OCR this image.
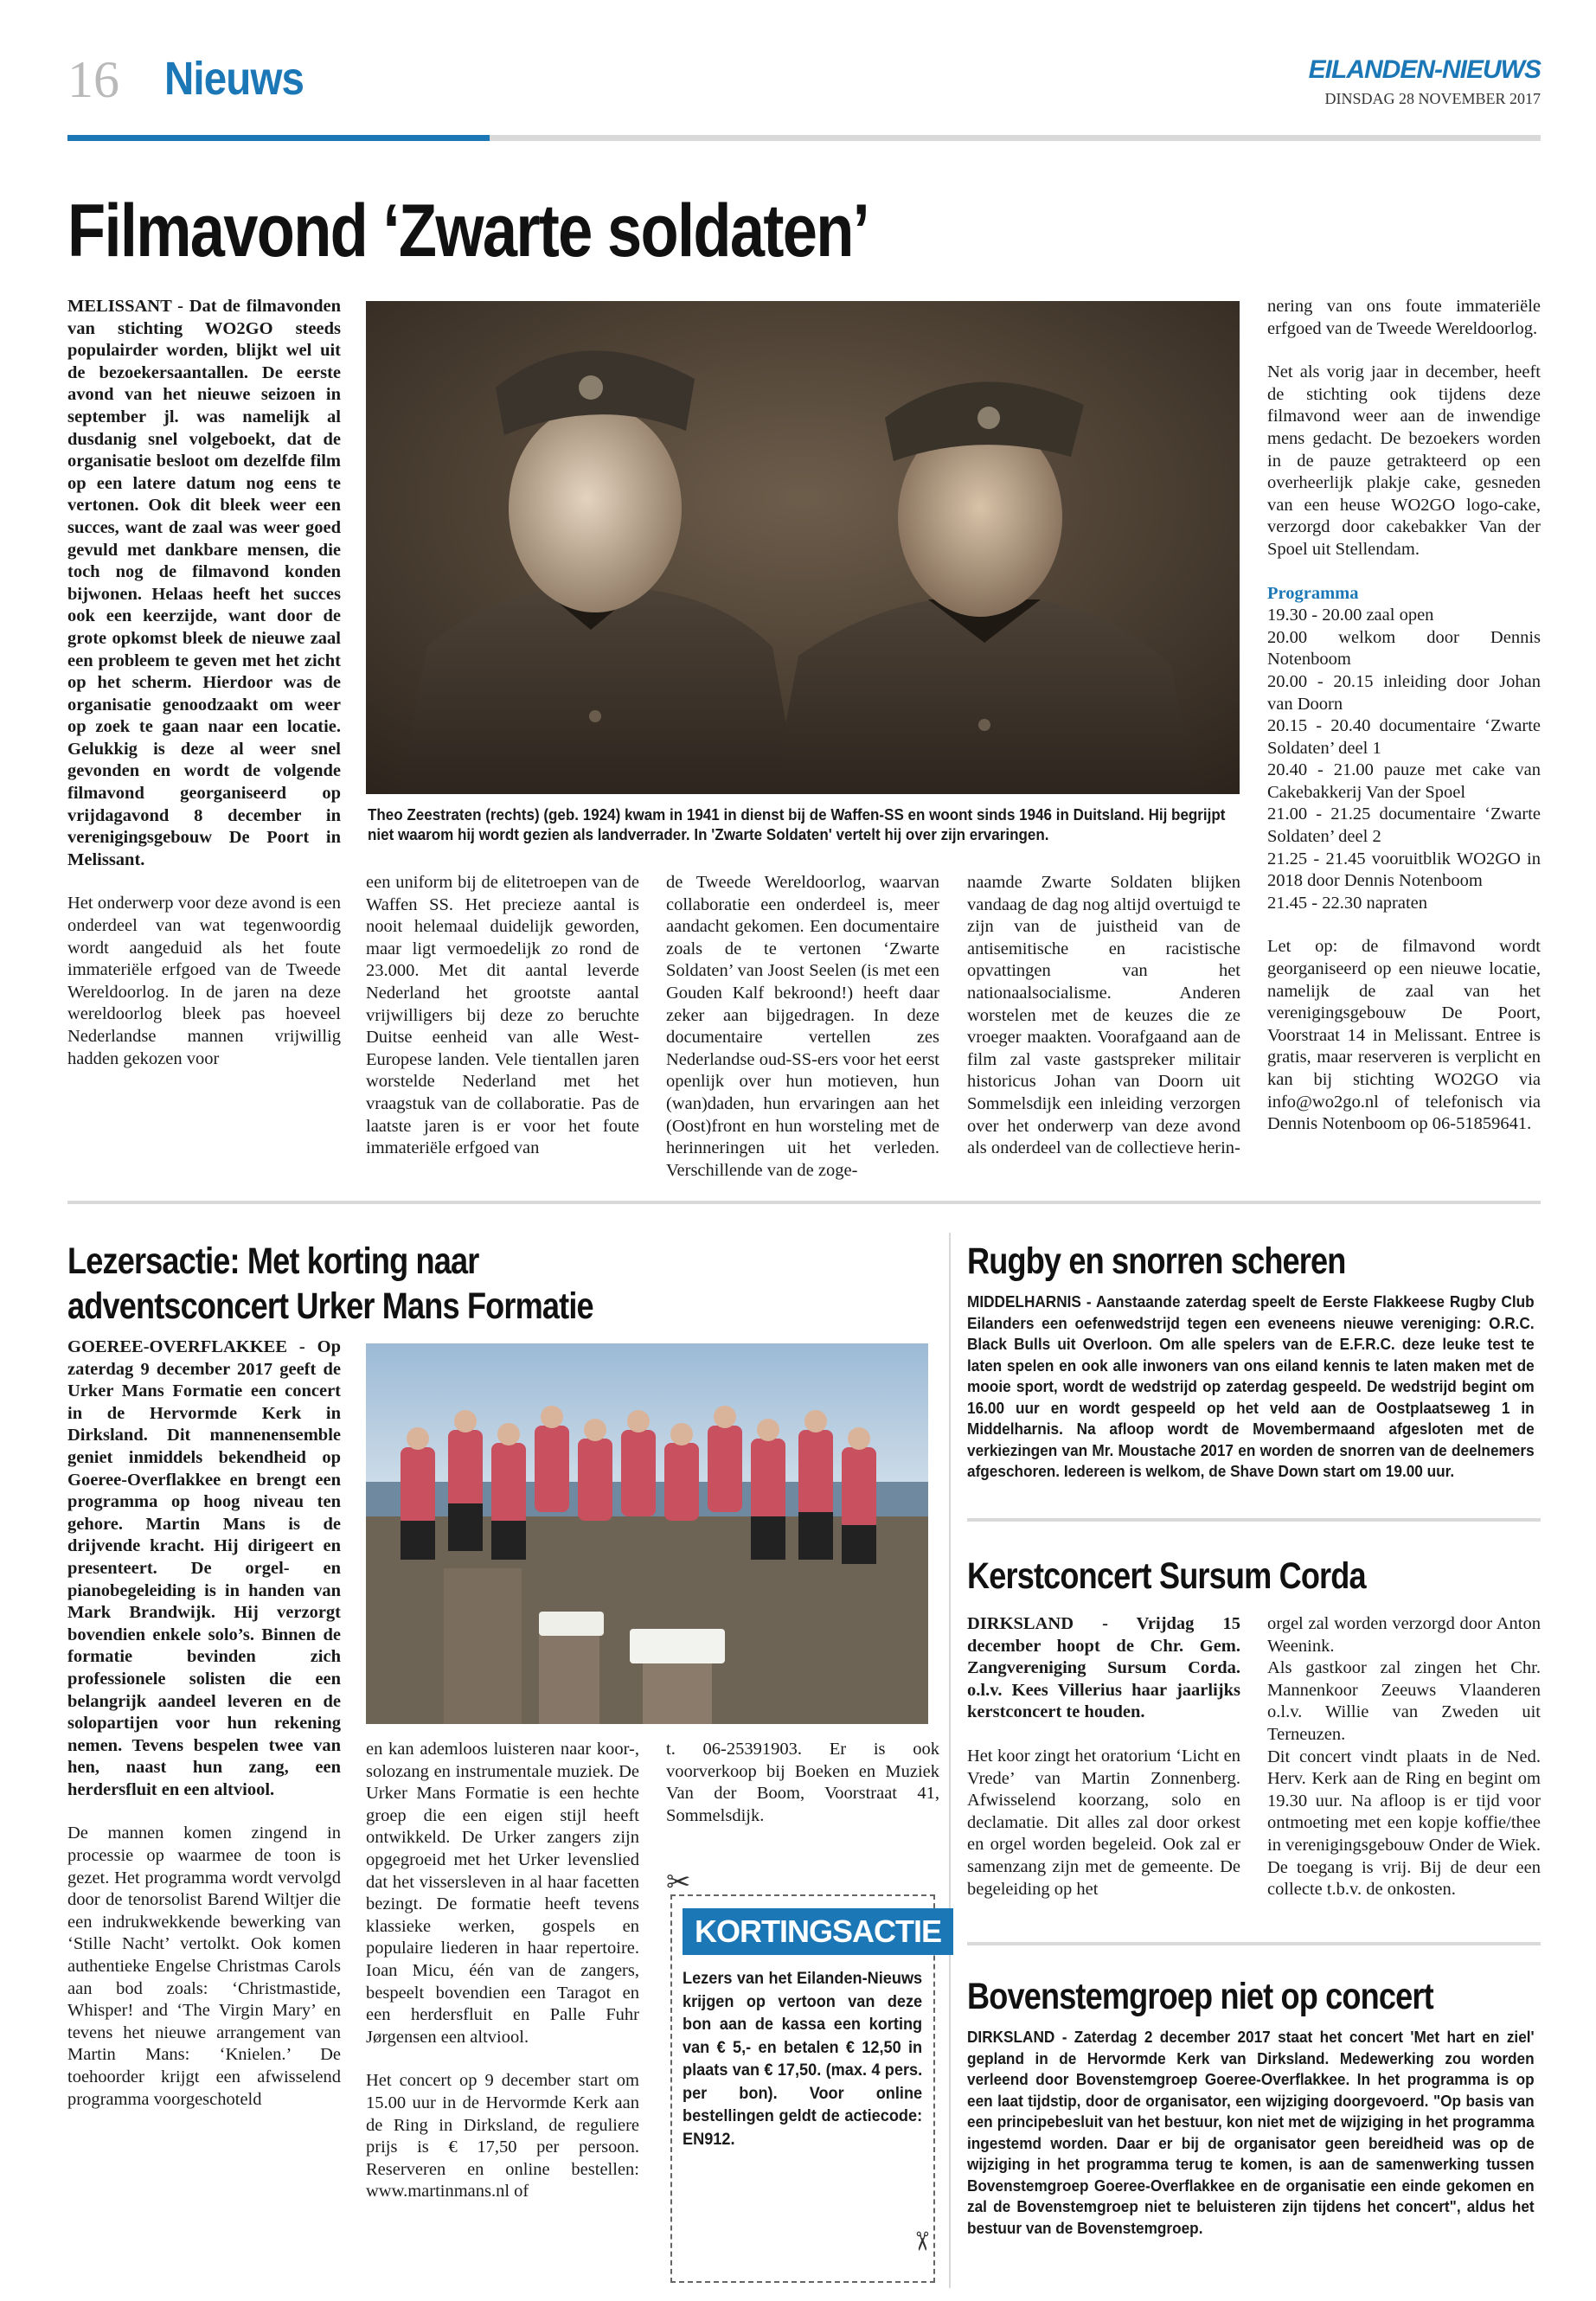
16 Nieuws	EILANDEN-NIEUWS
DINSDAG 28 NOVEMBER 2017
Filmavond ‘Zwarte soldaten’

MELISSANT - Dat de filmavonden van stichting WO2GO steeds populairder worden, blijkt wel uit de bezoekersaantallen. De eerste avond van het nieuwe seizoen in september jl. was namelijk al dusdanig snel volgeboekt, dat de organisatie besloot om dezelfde film op een latere datum nog eens te vertonen. Ook dit bleek weer een succes, want de zaal was weer goed gevuld met dankbare mensen, die toch nog de filmavond konden bijwonen. Helaas heeft het succes ook een keerzijde, want door de grote opkomst bleek de nieuwe zaal een probleem te geven met het zicht op het scherm. Hierdoor was de organisatie genoodzaakt om weer op zoek te gaan naar een locatie. Gelukkig is deze al weer snel gevonden en wordt de volgende filmavond georganiseerd op vrijdagavond 8 december in verenigingsgebouw De Poort in Melissant.

Het onderwerp voor deze avond is een onderdeel van wat tegenwoordig wordt aangeduid als het foute immateriële erfgoed van de Tweede Wereldoorlog. In de jaren na deze wereldoorlog bleek pas hoeveel Nederlandse mannen vrijwillig hadden gekozen voor

Theo Zeestraten (rechts) (geb. 1924) kwam in 1941 in dienst bij de Waffen-SS en woont sinds 1946 in Duitsland. Hij begrijpt niet waarom hij wordt gezien als landverrader. In 'Zwarte Soldaten' vertelt hij over zijn ervaringen.

een uniform bij de elitetroepen van de Waffen SS. Het precieze aantal is nooit helemaal duidelijk geworden, maar ligt vermoedelijk zo rond de 23.000. Met dit aantal leverde Nederland het grootste aantal vrijwilligers bij deze zo beruchte Duitse eenheid van alle West-Europese landen. Vele tientallen jaren worstelde Nederland met het vraagstuk van de collaboratie. Pas de laatste jaren is er voor het foute immateriële erfgoed van

de Tweede Wereldoorlog, waarvan collaboratie een onderdeel is, meer aandacht gekomen. Een documentaire zoals de te vertonen ‘Zwarte Soldaten’ van Joost Seelen (is met een Gouden Kalf bekroond!) heeft daar zeker aan bijgedragen. In deze documentaire vertellen zes Nederlandse oud-SS-ers voor het eerst openlijk over hun motieven, hun (wan)daden, hun ervaringen aan het (Oost)front en hun worsteling met de herinneringen uit het verleden. Verschillende van de zoge-

naamde Zwarte Soldaten blijken vandaag de dag nog altijd overtuigd te zijn van de juistheid van de antisemitische en racistische opvattingen van het nationaalsocialisme. Anderen worstelen met de keuzes die ze vroeger maakten. Voorafgaand aan de film zal vaste gastspreker militair historicus Johan van Doorn uit Sommelsdijk een inleiding verzorgen over het onderwerp van deze avond als onderdeel van de collectieve herin-

nering van ons foute immateriële erfgoed van de Tweede Wereldoorlog.

Net als vorig jaar in december, heeft de stichting ook tijdens deze filmavond weer aan de inwendige mens gedacht. De bezoekers worden in de pauze getrakteerd op een overheerlijk plakje cake, gesneden van een heuse WO2GO logo-cake, verzorgd door cakebakker Van der Spoel uit Stellendam.

Programma
19.30 - 20.00 zaal open
20.00 welkom door Dennis Notenboom
20.00 - 20.15 inleiding door Johan van Doorn
20.15 - 20.40 documentaire ‘Zwarte Soldaten’ deel 1
20.40 - 21.00 pauze met cake van Cakebakkerij Van der Spoel
21.00 - 21.25 documentaire ‘Zwarte Soldaten’ deel 2
21.25 - 21.45 vooruitblik WO2GO in 2018 door Dennis Notenboom
21.45 - 22.30 napraten

Let op: de filmavond wordt georganiseerd op een nieuwe locatie, namelijk de zaal van het verenigingsgebouw De Poort, Voorstraat 14 in Melissant. Entree is gratis, maar reserveren is verplicht en kan bij stichting WO2GO via info@wo2go.nl of telefonisch via Dennis Notenboom op 06-51859641.

Lezersactie: Met korting naar
adventsconcert Urker Mans Formatie

GOEREE-OVERFLAKKEE - Op zaterdag 9 december 2017 geeft de Urker Mans Formatie een concert in de Hervormde Kerk in Dirksland. Dit mannenensemble geniet inmiddels bekendheid op Goeree-Overflakkee en brengt een programma op hoog niveau ten gehore. Martin Mans is de drijvende kracht. Hij dirigeert en presenteert. De orgel- en pianobegeleiding is in handen van Mark Brandwijk. Hij verzorgt bovendien enkele solo’s. Binnen de formatie bevinden zich professionele solisten die een belangrijk aandeel leveren en de solopartijen voor hun rekening nemen. Tevens bespelen twee van hen, naast hun zang, een herdersfluit en een altviool.

De mannen komen zingend in processie op waarmee de toon is gezet. Het programma wordt vervolgd door de tenorsolist Barend Wiltjer die een indrukwekkende bewerking van ‘Stille Nacht’ vertolkt. Ook komen authentieke Engelse Christmas Carols aan bod zoals: ‘Christmastide, Whisper! and ‘The Virgin Mary’ en tevens het nieuwe arrangement van Martin Mans: ‘Knielen.’ De toehoorder krijgt een afwisselend programma voorgeschoteld

en kan ademloos luisteren naar koor-, solozang en instrumentale muziek. De Urker Mans Formatie is een hechte groep die een eigen stijl heeft ontwikkeld. De Urker zangers zijn opgegroeid met het Urker levenslied dat het vissersleven in al haar facetten bezingt. De formatie heeft tevens klassieke werken, gospels en populaire liederen in haar repertoire. Ioan Micu, één van de zangers, bespeelt bovendien een Taragot en een herdersfluit en Palle Fuhr Jørgensen een altviool.

Het concert op 9 december start om 15.00 uur in de Hervormde Kerk aan de Ring in Dirksland, de reguliere prijs is € 17,50 per persoon. Reserveren en online bestellen: www.martinmans.nl of

t. 06-25391903. Er is ook voorverkoop bij Boeken en Muziek Van der Boom, Voorstraat 41, Sommelsdijk.

✂
KORTINGSACTIE
Lezers van het Eilanden-Nieuws krijgen op vertoon van deze bon aan de kassa een korting van € 5,- en betalen € 12,50 in plaats van € 17,50. (max. 4 pers. per bon). Voor online bestellingen geldt de actiecode: EN912.
✂
Rugby en snorren scheren
MIDDELHARNIS - Aanstaande zaterdag speelt de Eerste Flakkeese Rugby Club Eilanders een oefenwedstrijd tegen een eveneens nieuwe vereniging: O.R.C. Black Bulls uit Overloon. Om alle spelers van de E.F.R.C. deze leuke test te laten spelen en ook alle inwoners van ons eiland kennis te laten maken met de mooie sport, wordt de wedstrijd op zaterdag gespeeld. De wedstrijd begint om 16.00 uur en wordt gespeeld op het veld aan de Oostplaatseweg 1 in Middelharnis. Na afloop wordt de Movembermaand afgesloten met de verkiezingen van Mr. Moustache 2017 en worden de snorren van de deelnemers afgeschoren. Iedereen is welkom, de Shave Down start om 19.00 uur.
Kerstconcert Sursum Corda

DIRKSLAND - Vrijdag 15 december hoopt de Chr. Gem. Zangvereniging Sursum Corda. o.l.v. Kees Villerius haar jaarlijks kerstconcert te houden.

Het koor zingt het oratorium ‘Licht en Vrede’ van Martin Zonnenberg. Afwisselend koorzang, solo en declamatie. Dit alles zal door orkest en orgel worden begeleid. Ook zal er samenzang zijn met de gemeente. De begeleiding op het

orgel zal worden verzorgd door Anton Weenink.
Als gastkoor zal zingen het Chr. Mannenkoor Zeeuws Vlaanderen o.l.v. Willie van Zweden uit Terneuzen.
Dit concert vindt plaats in de Ned. Herv. Kerk aan de Ring en begint om 19.30 uur. Na afloop is er tijd voor ontmoeting met een kopje koffie/thee in verenigingsgebouw Onder de Wiek. De toegang is vrij. Bij de deur een collecte t.b.v. de onkosten.
Bovenstemgroep niet op concert
DIRKSLAND - Zaterdag 2 december 2017 staat het concert 'Met hart en ziel' gepland in de Hervormde Kerk van Dirksland. Medewerking zou worden verleend door Bovenstemgroep Goeree-Overflakkee. In het programma is op een laat tijdstip, door de organisator, een wijziging doorgevoerd. "Op basis van een principebesluit van het bestuur, kon niet met de wijziging in het programma ingestemd worden. Daar er bij de organisator geen bereidheid was op de wijziging in het programma terug te komen, is aan de samenwerking tussen Bovenstemgroep Goeree-Overflakkee en de organisatie een einde gekomen en zal de Bovenstemgroep niet te beluisteren zijn tijdens het concert", aldus het bestuur van de Bovenstemgroep.
